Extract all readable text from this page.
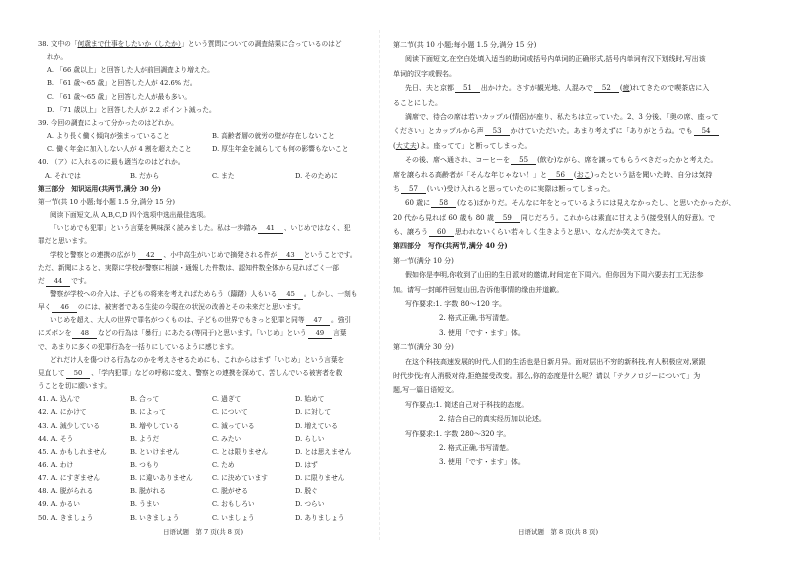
38. 文中の「何歳まで仕事をしたいか（したか）」という質問についての調査結果に合っているのはど
れか。
A. 「66 歳以上」と回答した人が前回調査より増えた。
B. 「61 歳～65 歳」と回答した人が 42.6% だ。
C. 「61 歳～65 歳」と回答した人が最も多い。
D. 「71 歳以上」と回答した人が 2.2 ポイント減った。
39. 今回の調査によって分かったのはどれか。
A. より長く働く傾向が強まっていること	B. 高齢者層の就労の壁が存在しないこと
C. 働く年金に加入しない人が 4 割を超えたこと	D. 厚生年金を減らしても何の影響もないこと
40. （ア）に入れるのに最も適当なのはどれか。
A. それでは	B. だから	C. また	D. そのために
第三部分　知识运用(共两节,满分 30 分)
第一节(共 10 小题;每小题 1.5 分,满分 15 分)
阅读下面短文,从 A,B,C,D 四个选项中选出最佳选项。
「いじめでも犯罪」という言葉を興味深く読みました。私は一歩踏み 41 、いじめではなく、犯
罪だと思います。
学校と警察との連携の広がり 42 、小中高生がいじめで摘発される件が 43 ということです。
ただ、新聞によると、実際に学校が警察に相談・通報した件数は、認知件数全体から見ればごく一部
だ 44 です。
警察が学校への介入は、子どもの将来を考えればためらう（躊躇）人もいる 45 。しかし、一刻も
早く 46 のには、被害者である生徒の今現在の状況の改善とその未来だと思います。
いじめを超え、大人の世界で罪名がつくものは、子どもの世界でもきっと犯罪と同等 47 。強引
にズボンを 48 などの行為は「暴行」にあたる(等同于)と思います。「いじめ」という 49 言葉
で、あまりに多くの犯罪行為を一括りにしているように感じます。
どれだけ人を傷つける行為なのかを考えさせるためにも、これからはまず「いじめ」という言葉を
見直して 50 、「学内犯罪」などの呼称に変え、警察との連携を深めて、苦しんでいる被害者を救
うことを切に願います。
41. A. 込んで	B. 合って	C. 過ぎて	D. 始めて
42. A. にかけて	B. によって	C. について	D. に対して
43. A. 減少している	B. 増やしている	C. 減っている	D. 増えている
44. A. そう	B. ようだ	C. みたい	D. らしい
45. A. かもしれません	B. といけません	C. とは限りません	D. とは思えません
46. A. わけ	B. つもり	C. ため	D. はず
47. A. にすぎません	B. に違いありません	C. に決めています	D. に限りません
48. A. 脱がられる	B. 脱がれる	C. 脱がせる	D. 脱ぐ
49. A. かるい	B. うまい	C. おもしろい	D. つらい
50. A. きましょう	B. いきましょう	C. いましょう	D. ありましょう
第二节(共 10 小题;每小题 1.5 分,满分 15 分)
阅读下面短文,在空白处填入适当的助词或括号内单词的正确形式,括号内单词有汉下划线时,写出该
单词的汉字或假名。
先日、夫と京都 51 出かけた。さすが観光地、人混みで 52 (疲)れてきたので喫茶店に入
ることにした。
満席で、待合の席は若いカップル(情侶)が座り、私たちは立っていた。2、3 分後、「奥の席、座って
ください」とカップルから声 53 かけていただいた。あまり考えずに「ありがとうね。でも 54
(大丈夫)よ。座ってて」と断ってしまった。
その後、席へ通され、コーヒーを 55 (飲む)ながら、席を譲ってもらうべきだったかと考えた。
席を譲られる高齢者が「そんな年じゃない！」と 56 (おこ)ったという話を聞いた時、自分は気持
ち 57 (いい)受け入れると思っていたのに実際は断ってしまった。
60 歳に 58 (なる)ばかりだ。そんなに年をとっているようには見えなかったし、と思いたかったが、
20 代から見れば 60 歳も 80 歳 59 同じだろう。これからは素直に甘えよう(接受别人的好意)。で
も、譲ろう 60 思われないくらい若々しく生きようと思い、なんだか笑えてきた。
第四部分　写作(共两节,满分 40 分)
第一节(满分 10 分)
假如你是李明,你收到了山田的生日派对的邀请,时间定在下周六。但你因为下周六要去打工无法参
加。请写一封邮件回复山田,告诉他事情的缘由并道歉。
写作要求:1. 字数 80～120 字。
2. 格式正确,书写清楚。
3. 使用「です・ます」体。
第二节(满分 30 分)
在这个科技高速发展的时代,人们的生活也是日新月异。面对层出不穷的新科技,有人积极应对,紧跟
时代步伐;有人消极对待,拒绝接受改变。那么,你的态度是什么呢？请以「テクノロジーについて」为
题,写一篇日语短文。
写作要点:1. 简述自己对于科技的态度。
2. 结合自己的真实经历加以论述。
写作要求:1. 字数 280～320 字。
2. 格式正确,书写清楚。
3. 使用「です・ます」体。
日语试题　第 7 页(共 8 页)	日语试题　第 8 页(共 8 页)
